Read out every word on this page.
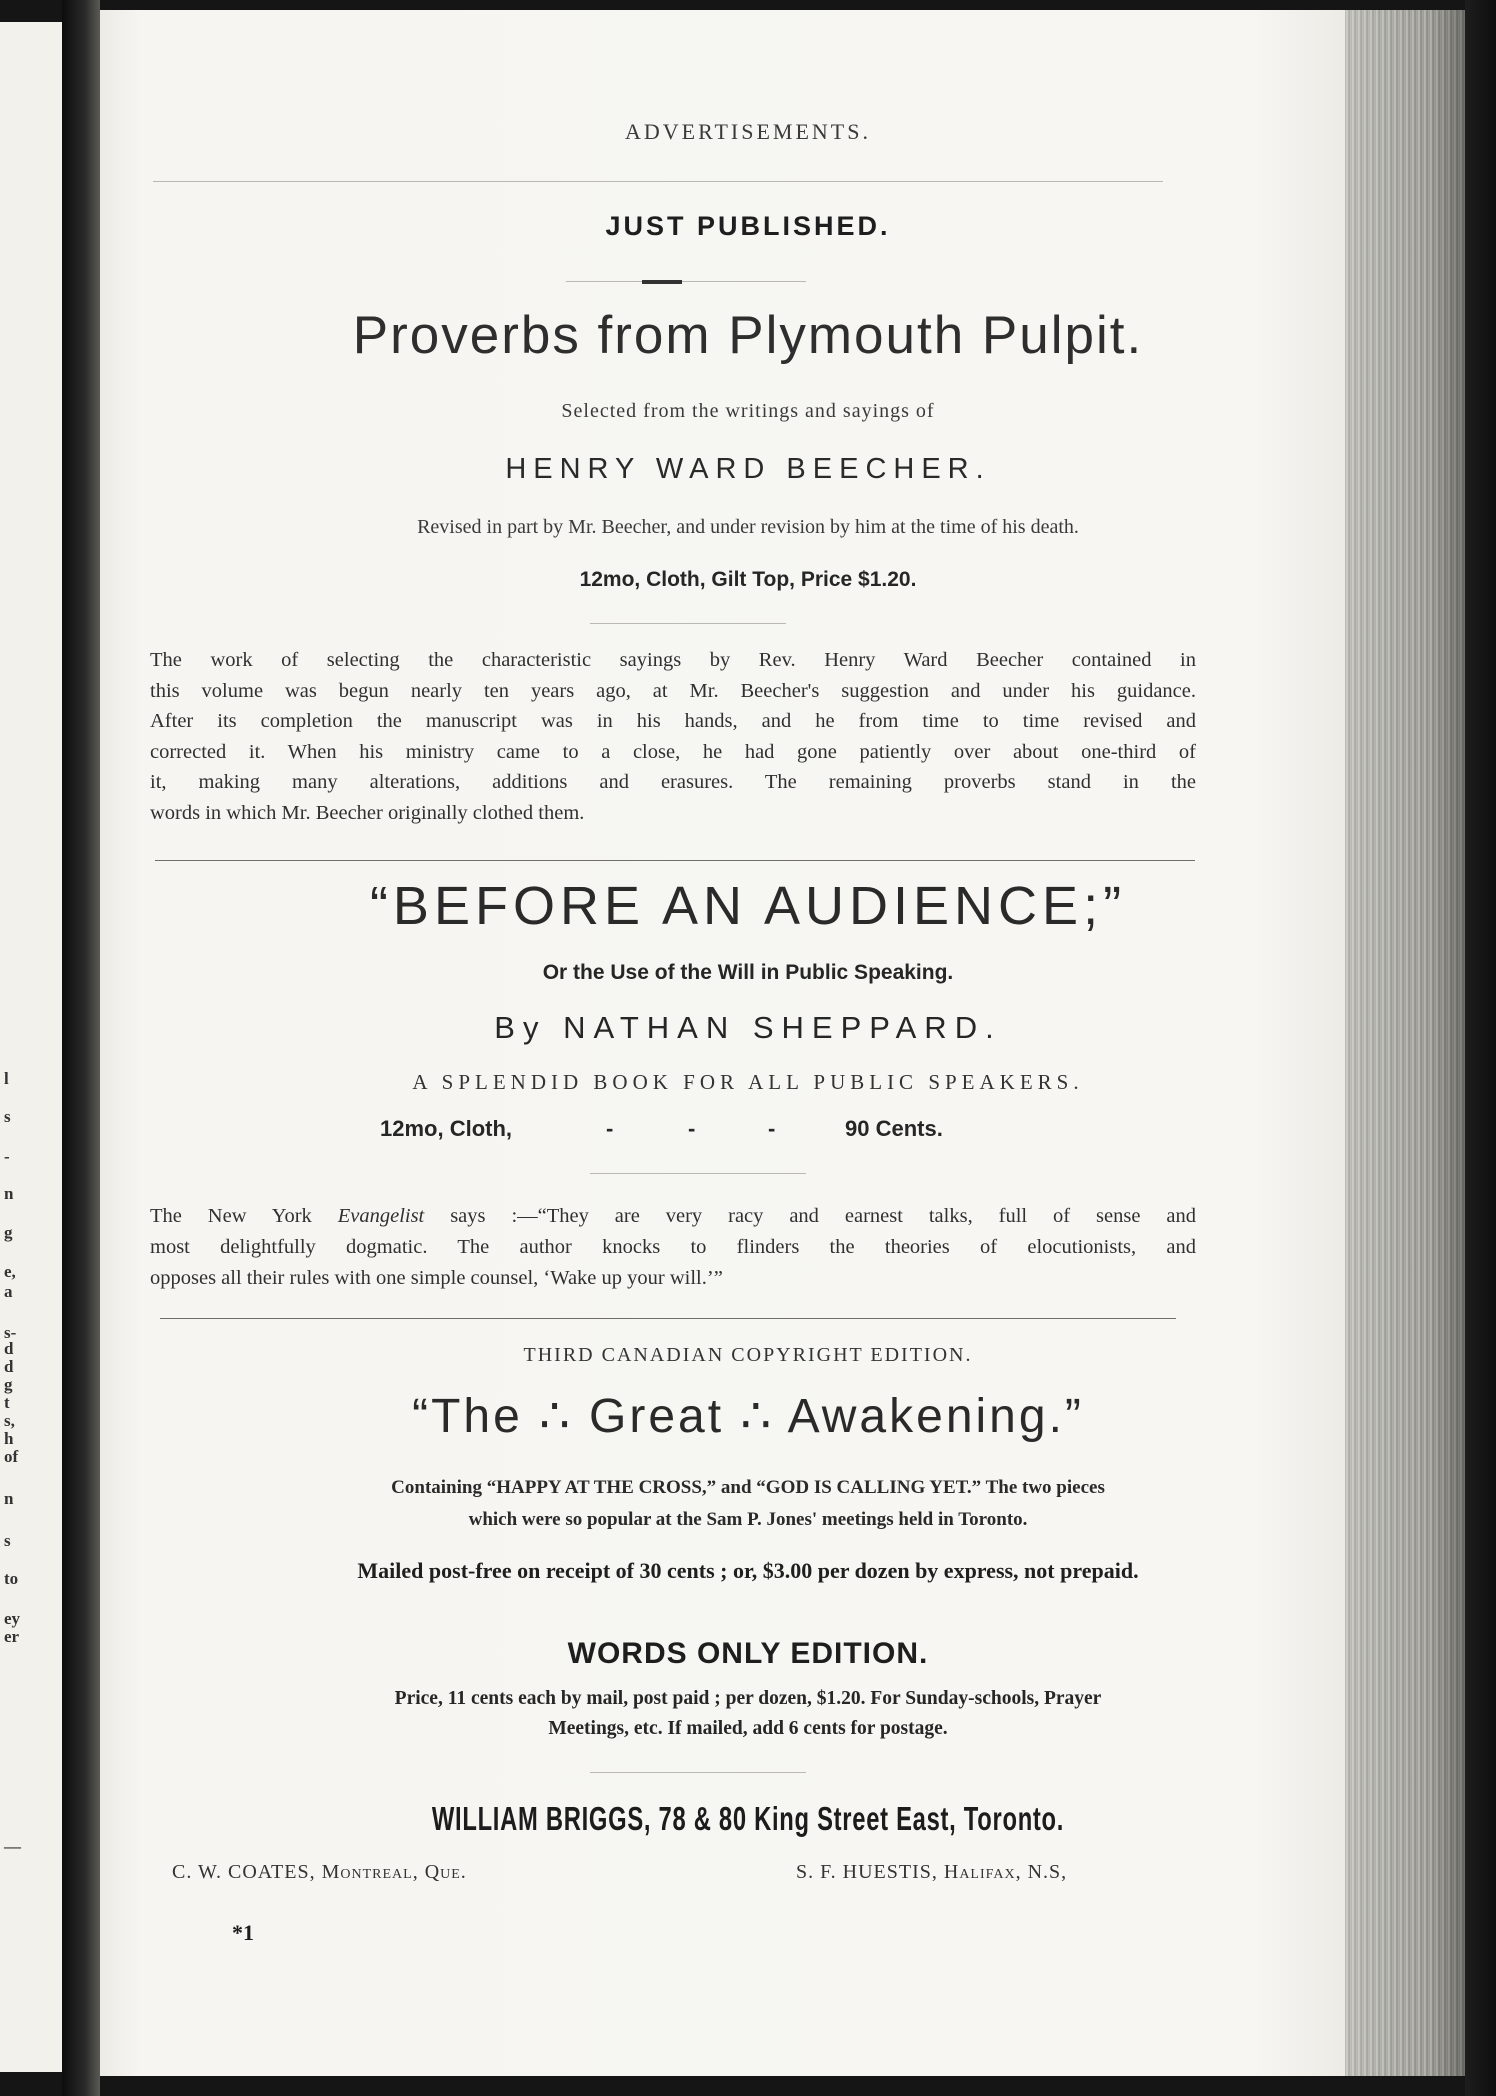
l
s
-
n
g
e,
a
s-
d
d
g
t
s,
h
of
n
s
to
ey
er
—
ADVERTISEMENTS.
JUST PUBLISHED.
Proverbs from Plymouth Pulpit.
Selected from the writings and sayings of
HENRY WARD BEECHER.
Revised in part by Mr. Beecher, and under revision by him at the time of his death.
12mo, Cloth, Gilt Top, Price $1.20.
The work of selecting the characteristic sayings by Rev. Henry Ward Beecher contained in
this volume was begun nearly ten years ago, at Mr. Beecher's suggestion and under his guidance.
After its completion the manuscript was in his hands, and he from time to time revised and
corrected it. When his ministry came to a close, he had gone patiently over about one-third of
it, making many alterations, additions and erasures. The remaining proverbs stand in the
words in which Mr. Beecher originally clothed them.
“BEFORE AN AUDIENCE;”
Or the Use of the Will in Public Speaking.
By NATHAN SHEPPARD.
A SPLENDID BOOK FOR ALL PUBLIC SPEAKERS.
12mo, Cloth,	-	-	-	90 Cents.
The New York Evangelist says :—“They are very racy and earnest talks, full of sense and
most delightfully dogmatic. The author knocks to flinders the theories of elocutionists, and
opposes all their rules with one simple counsel, ‘Wake up your will.’”
THIRD CANADIAN COPYRIGHT EDITION.
“The ∴ Great ∴ Awakening.”
Containing “HAPPY AT THE CROSS,” and “GOD IS CALLING YET.” The two pieces
which were so popular at the Sam P. Jones' meetings held in Toronto.
Mailed post-free on receipt of 30 cents ; or, $3.00 per dozen by express, not prepaid.
WORDS ONLY EDITION.
Price, 11 cents each by mail, post paid ; per dozen, $1.20. For Sunday-schools, Prayer
Meetings, etc. If mailed, add 6 cents for postage.
WILLIAM BRIGGS, 78 & 80 King Street East, Toronto.
C. W. COATES, Montreal, Que.	S. F. HUESTIS, Halifax, N.S,
*1
